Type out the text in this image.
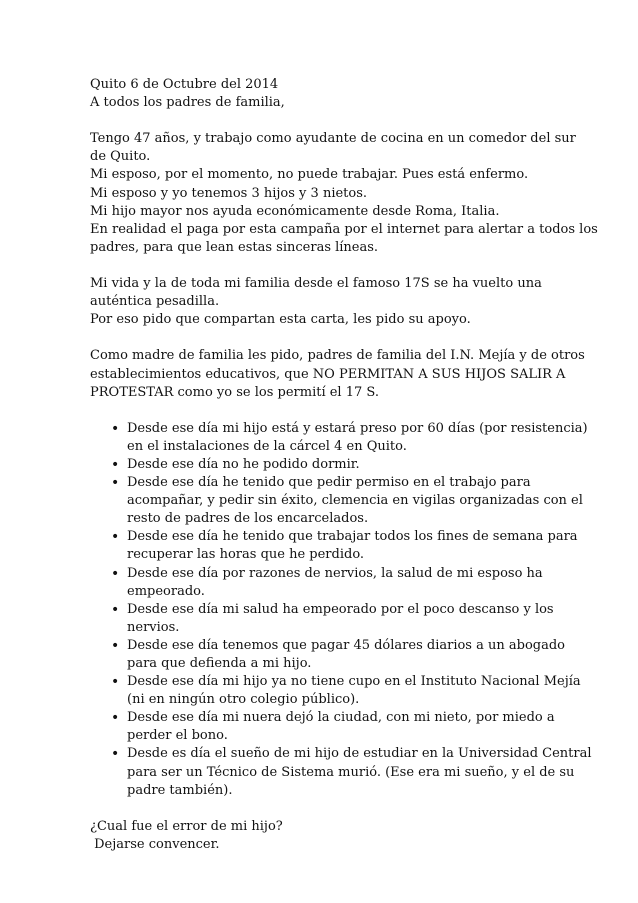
Quito 6 de Octubre del 2014
A todos los padres de familia,
Tengo 47 años, y trabajo como ayudante de cocina en un comedor del sur
de Quito.
Mi esposo, por el momento, no puede trabajar. Pues está enfermo.
Mi esposo y yo tenemos 3 hijos y 3 nietos.
Mi hijo mayor nos ayuda económicamente desde Roma, Italia.
En realidad el paga por esta campaña por el internet para alertar a todos los
padres, para que lean estas sinceras líneas.
Mi vida y la de toda mi familia desde el famoso 17S se ha vuelto una
auténtica pesadilla.
Por eso pido que compartan esta carta, les pido su apoyo.
Como madre de familia les pido, padres de familia del I.N. Mejía y de otros
establecimientos educativos, que NO PERMITAN A SUS HIJOS SALIR A
PROTESTAR como yo se los permití el 17 S.
• Desde ese día mi hijo está y estará preso por 60 días (por resistencia)
en el instalaciones de la cárcel 4 en Quito.
• Desde ese día no he podido dormir.
• Desde ese día he tenido que pedir permiso en el trabajo para
acompañar, y pedir sin éxito, clemencia en vigilas organizadas con el
resto de padres de los encarcelados.
• Desde ese día he tenido que trabajar todos los fines de semana para
recuperar las horas que he perdido.
• Desde ese día por razones de nervios, la salud de mi esposo ha
empeorado.
• Desde ese día mi salud ha empeorado por el poco descanso y los
nervios.
• Desde ese día tenemos que pagar 45 dólares diarios a un abogado
para que defienda a mi hijo.
• Desde ese día mi hijo ya no tiene cupo en el Instituto Nacional Mejía
(ni en ningún otro colegio público).
• Desde ese día mi nuera dejó la ciudad, con mi nieto, por miedo a
perder el bono.
• Desde es día el sueño de mi hijo de estudiar en la Universidad Central
para ser un Técnico de Sistema murió. (Ese era mi sueño, y el de su
padre también).
¿Cual fue el error de mi hijo?
Dejarse convencer.
